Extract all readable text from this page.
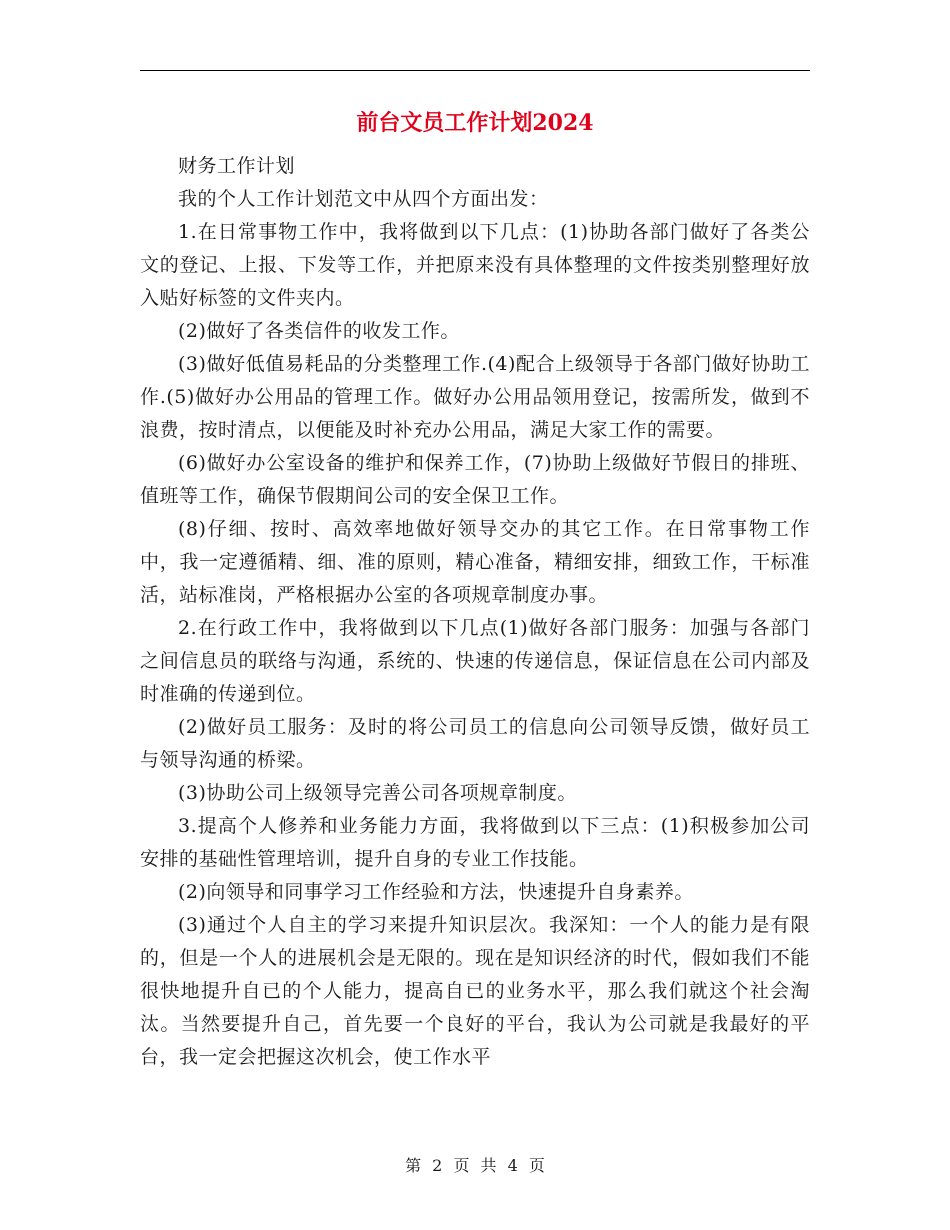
前台文员工作计划2024

财务工作计划

我的个人工作计划范文中从四个方面出发：

1.在日常事物工作中，我将做到以下几点：(1)协助各部门做好了各类公文的登记、上报、下发等工作，并把原来没有具体整理的文件按类别整理好放入贴好标签的文件夹内。

(2)做好了各类信件的收发工作。

(3)做好低值易耗品的分类整理工作.(4)配合上级领导于各部门做好协助工作.(5)做好办公用品的管理工作。做好办公用品领用登记，按需所发，做到不浪费，按时清点，以便能及时补充办公用品，满足大家工作的需要。

(6)做好办公室设备的维护和保养工作，(7)协助上级做好节假日的排班、值班等工作，确保节假期间公司的安全保卫工作。

(8)仔细、按时、高效率地做好领导交办的其它工作。在日常事物工作中，我一定遵循精、细、准的原则，精心准备，精细安排，细致工作，干标准活，站标准岗，严格根据办公室的各项规章制度办事。

2.在行政工作中，我将做到以下几点(1)做好各部门服务：加强与各部门之间信息员的联络与沟通，系统的、快速的传递信息，保证信息在公司内部及时准确的传递到位。

(2)做好员工服务：及时的将公司员工的信息向公司领导反馈，做好员工与领导沟通的桥梁。

(3)协助公司上级领导完善公司各项规章制度。

3.提高个人修养和业务能力方面，我将做到以下三点：(1)积极参加公司安排的基础性管理培训，提升自身的专业工作技能。

(2)向领导和同事学习工作经验和方法，快速提升自身素养。

(3)通过个人自主的学习来提升知识层次。我深知：一个人的能力是有限的，但是一个人的进展机会是无限的。现在是知识经济的时代，假如我们不能很快地提升自已的个人能力，提高自已的业务水平，那么我们就这个社会淘汰。当然要提升自己，首先要一个良好的平台，我认为公司就是我最好的平台，我一定会把握这次机会，使工作水平

第 2 页 共 4 页
